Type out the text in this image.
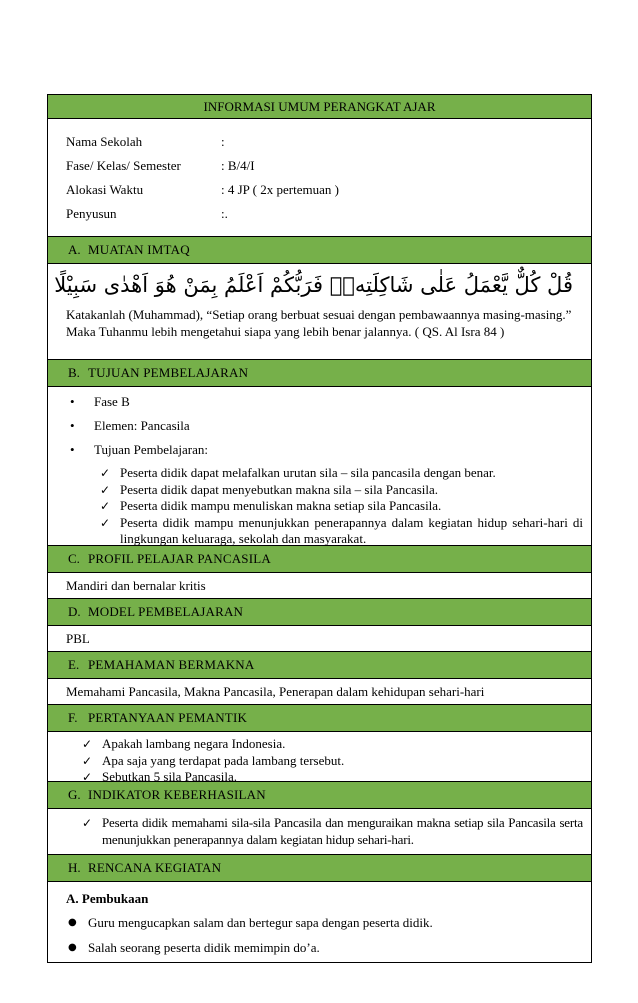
INFORMASI UMUM PERANGKAT AJAR
Nama Sekolah	:
Fase/ Kelas/ Semester	: B/4/I
Alokasi Waktu	: 4 JP ( 2x pertemuan )
Penyusun	:.
A. MUATAN IMTAQ
قُلْ كُلٌّ يَّعْمَلُ عَلٰى شَاكِلَتِهٖۗ فَرَبُّكُمْ اَعْلَمُ بِمَنْ هُوَ اَهْدٰى سَبِيْلًا
Katakanlah (Muhammad), “Setiap orang berbuat sesuai dengan pembawaannya masing-masing.” Maka Tuhanmu lebih mengetahui siapa yang lebih benar jalannya. ( QS. Al Isra 84 )
B. TUJUAN PEMBELAJARAN
•	Fase B
•	Elemen: Pancasila
•	Tujuan Pembelajaran:
✓ Peserta didik dapat melafalkan urutan sila – sila pancasila dengan benar.
✓ Peserta didik dapat menyebutkan makna sila – sila Pancasila.
✓ Peserta didik mampu menuliskan makna setiap sila Pancasila.
✓ Peserta didik mampu menunjukkan penerapannya dalam kegiatan hidup sehari-hari di lingkungan keluaraga, sekolah dan masyarakat.
C. PROFIL PELAJAR PANCASILA
Mandiri dan bernalar kritis
D. MODEL PEMBELAJARAN
PBL
E. PEMAHAMAN BERMAKNA
Memahami Pancasila, Makna Pancasila, Penerapan dalam kehidupan sehari-hari
F. PERTANYAAN PEMANTIK
✓ Apakah lambang negara Indonesia.
✓ Apa saja yang terdapat pada lambang tersebut.
✓ Sebutkan 5 sila Pancasila.
G. INDIKATOR KEBERHASILAN
✓ Peserta didik memahami sila-sila Pancasila dan menguraikan makna setiap sila Pancasila serta menunjukkan penerapannya dalam kegiatan hidup sehari-hari.
H. RENCANA KEGIATAN
A. Pembukaan
● Guru mengucapkan salam dan bertegur sapa dengan peserta didik.
● Salah seorang peserta didik memimpin do’a.
